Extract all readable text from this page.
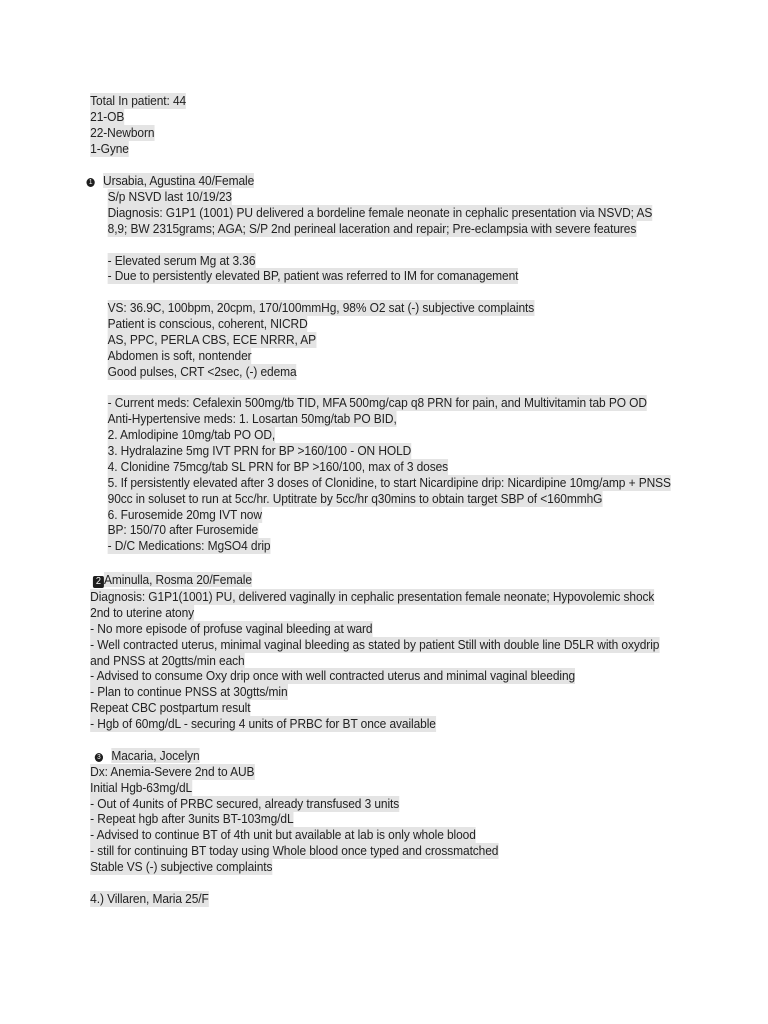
Total In patient: 44
21-OB
22-Newborn
1-Gyne
1 Ursabia, Agustina 40/Female
S/p NSVD last 10/19/23
Diagnosis: G1P1 (1001) PU delivered a bordeline female neonate in cephalic presentation via NSVD; AS
8,9; BW 2315grams; AGA; S/P 2nd perineal laceration and repair; Pre-eclampsia with severe features
- Elevated serum Mg at 3.36
- Due to persistently elevated BP, patient was referred to IM for comanagement
VS: 36.9C, 100bpm, 20cpm, 170/100mmHg, 98% O2 sat (-) subjective complaints
Patient is conscious, coherent, NICRD
AS, PPC, PERLA CBS, ECE NRRR, AP
Abdomen is soft, nontender
Good pulses, CRT <2sec, (-) edema
- Current meds: Cefalexin 500mg/tb TID, MFA 500mg/cap q8 PRN for pain, and Multivitamin tab PO OD
Anti-Hypertensive meds: 1. Losartan 50mg/tab PO BID,
2. Amlodipine 10mg/tab PO OD,
3. Hydralazine 5mg IVT PRN for BP >160/100 - ON HOLD
4. Clonidine 75mcg/tab SL PRN for BP >160/100, max of 3 doses
5. If persistently elevated after 3 doses of Clonidine, to start Nicardipine drip: Nicardipine 10mg/amp + PNSS
90cc in soluset to run at 5cc/hr. Uptitrate by 5cc/hr q30mins to obtain target SBP of <160mmhG
6. Furosemide 20mg IVT now
BP: 150/70 after Furosemide
- D/C Medications: MgSO4 drip
2 Aminulla, Rosma 20/Female
Diagnosis: G1P1(1001) PU, delivered vaginally in cephalic presentation female neonate; Hypovolemic shock
2nd to uterine atony
- No more episode of profuse vaginal bleeding at ward
- Well contracted uterus, minimal vaginal bleeding as stated by patient Still with double line D5LR with oxydrip
and PNSS at 20gtts/min each
- Advised to consume Oxy drip once with well contracted uterus and minimal vaginal bleeding
- Plan to continue PNSS at 30gtts/min
Repeat CBC postpartum result
- Hgb of 60mg/dL - securing 4 units of PRBC for BT once available
3 Macaria, Jocelyn
Dx: Anemia-Severe 2nd to AUB
Initial Hgb-63mg/dL
- Out of 4units of PRBC secured, already transfused 3 units
- Repeat hgb after 3units BT-103mg/dL
- Advised to continue BT of 4th unit but available at lab is only whole blood
- still for continuing BT today using Whole blood once typed and crossmatched
Stable VS (-) subjective complaints
4.) Villaren, Maria 25/F
